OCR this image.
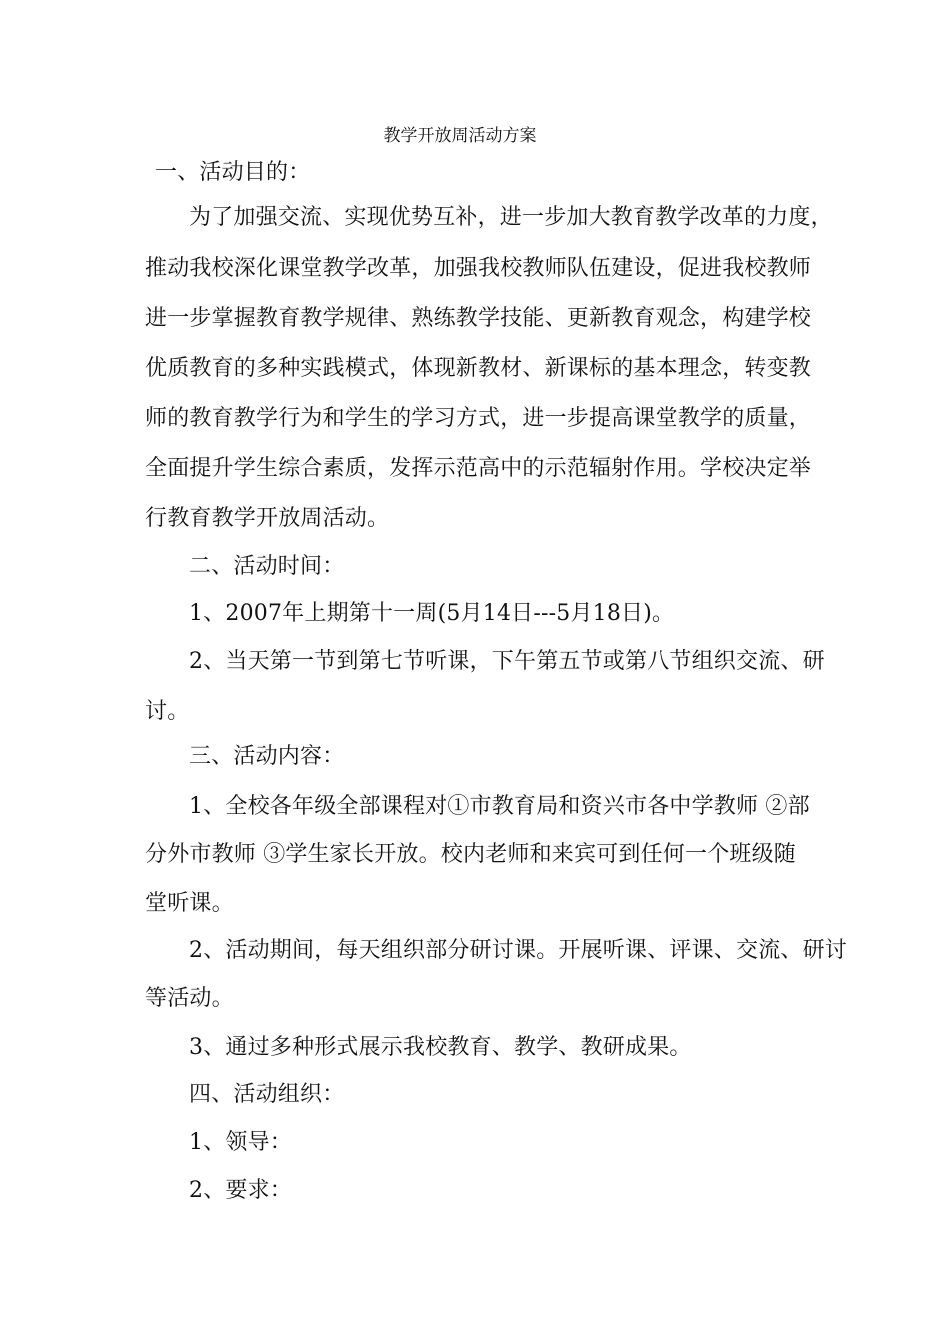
教学开放周活动方案
一、活动目的：
为了加强交流、实现优势互补，进一步加大教育教学改革的力度，
推动我校深化课堂教学改革，加强我校教师队伍建设，促进我校教师
进一步掌握教育教学规律、熟练教学技能、更新教育观念，构建学校
优质教育的多种实践模式，体现新教材、新课标的基本理念，转变教
师的教育教学行为和学生的学习方式，进一步提高课堂教学的质量，
全面提升学生综合素质，发挥示范高中的示范辐射作用。学校决定举
行教育教学开放周活动。
二、活动时间：
1、2007年上期第十一周(5月14日---5月18日)。
2、当天第一节到第七节听课，下午第五节或第八节组织交流、研
讨。
三、活动内容：
1、全校各年级全部课程对①市教育局和资兴市各中学教师 ②部
分外市教师 ③学生家长开放。校内老师和来宾可到任何一个班级随
堂听课。
2、活动期间，每天组织部分研讨课。开展听课、评课、交流、研讨
等活动。
3、通过多种形式展示我校教育、教学、教研成果。
四、活动组织：
1、领导：
2、要求：
